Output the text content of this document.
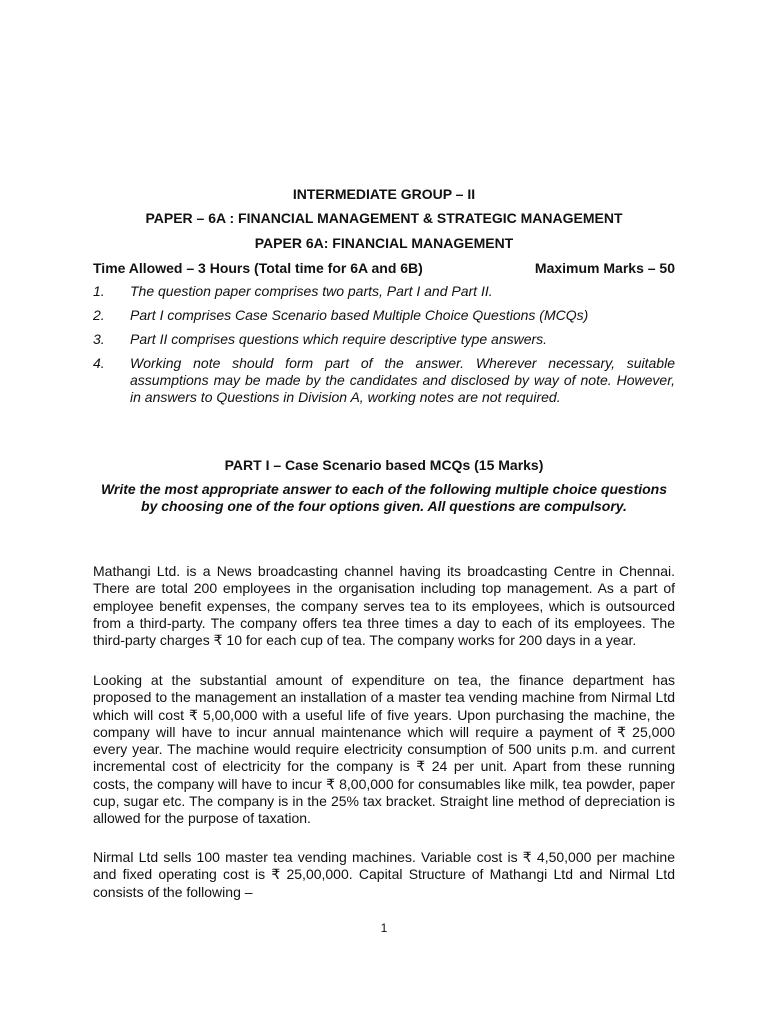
INTERMEDIATE GROUP – II
PAPER – 6A : FINANCIAL MANAGEMENT & STRATEGIC MANAGEMENT
PAPER 6A: FINANCIAL MANAGEMENT
Time Allowed – 3 Hours (Total time for 6A and 6B)	Maximum Marks – 50
1. The question paper comprises two parts, Part I and Part II.
2. Part I comprises Case Scenario based Multiple Choice Questions (MCQs)
3. Part II comprises questions which require descriptive type answers.
4. Working note should form part of the answer. Wherever necessary, suitable assumptions may be made by the candidates and disclosed by way of note. However, in answers to Questions in Division A, working notes are not required.
PART I – Case Scenario based MCQs (15 Marks)
Write the most appropriate answer to each of the following multiple choice questions by choosing one of the four options given. All questions are compulsory.
Mathangi Ltd. is a News broadcasting channel having its broadcasting Centre in Chennai. There are total 200 employees in the organisation including top management. As a part of employee benefit expenses, the company serves tea to its employees, which is outsourced from a third-party. The company offers tea three times a day to each of its employees. The third-party charges ₹ 10 for each cup of tea. The company works for 200 days in a year.
Looking at the substantial amount of expenditure on tea, the finance department has proposed to the management an installation of a master tea vending machine from Nirmal Ltd which will cost ₹ 5,00,000 with a useful life of five years. Upon purchasing the machine, the company will have to incur annual maintenance which will require a payment of ₹ 25,000 every year. The machine would require electricity consumption of 500 units p.m. and current incremental cost of electricity for the company is ₹ 24 per unit. Apart from these running costs, the company will have to incur ₹ 8,00,000 for consumables like milk, tea powder, paper cup, sugar etc. The company is in the 25% tax bracket. Straight line method of depreciation is allowed for the purpose of taxation.
Nirmal Ltd sells 100 master tea vending machines. Variable cost is ₹ 4,50,000 per machine and fixed operating cost is ₹ 25,00,000. Capital Structure of Mathangi Ltd and Nirmal Ltd consists of the following –
1
